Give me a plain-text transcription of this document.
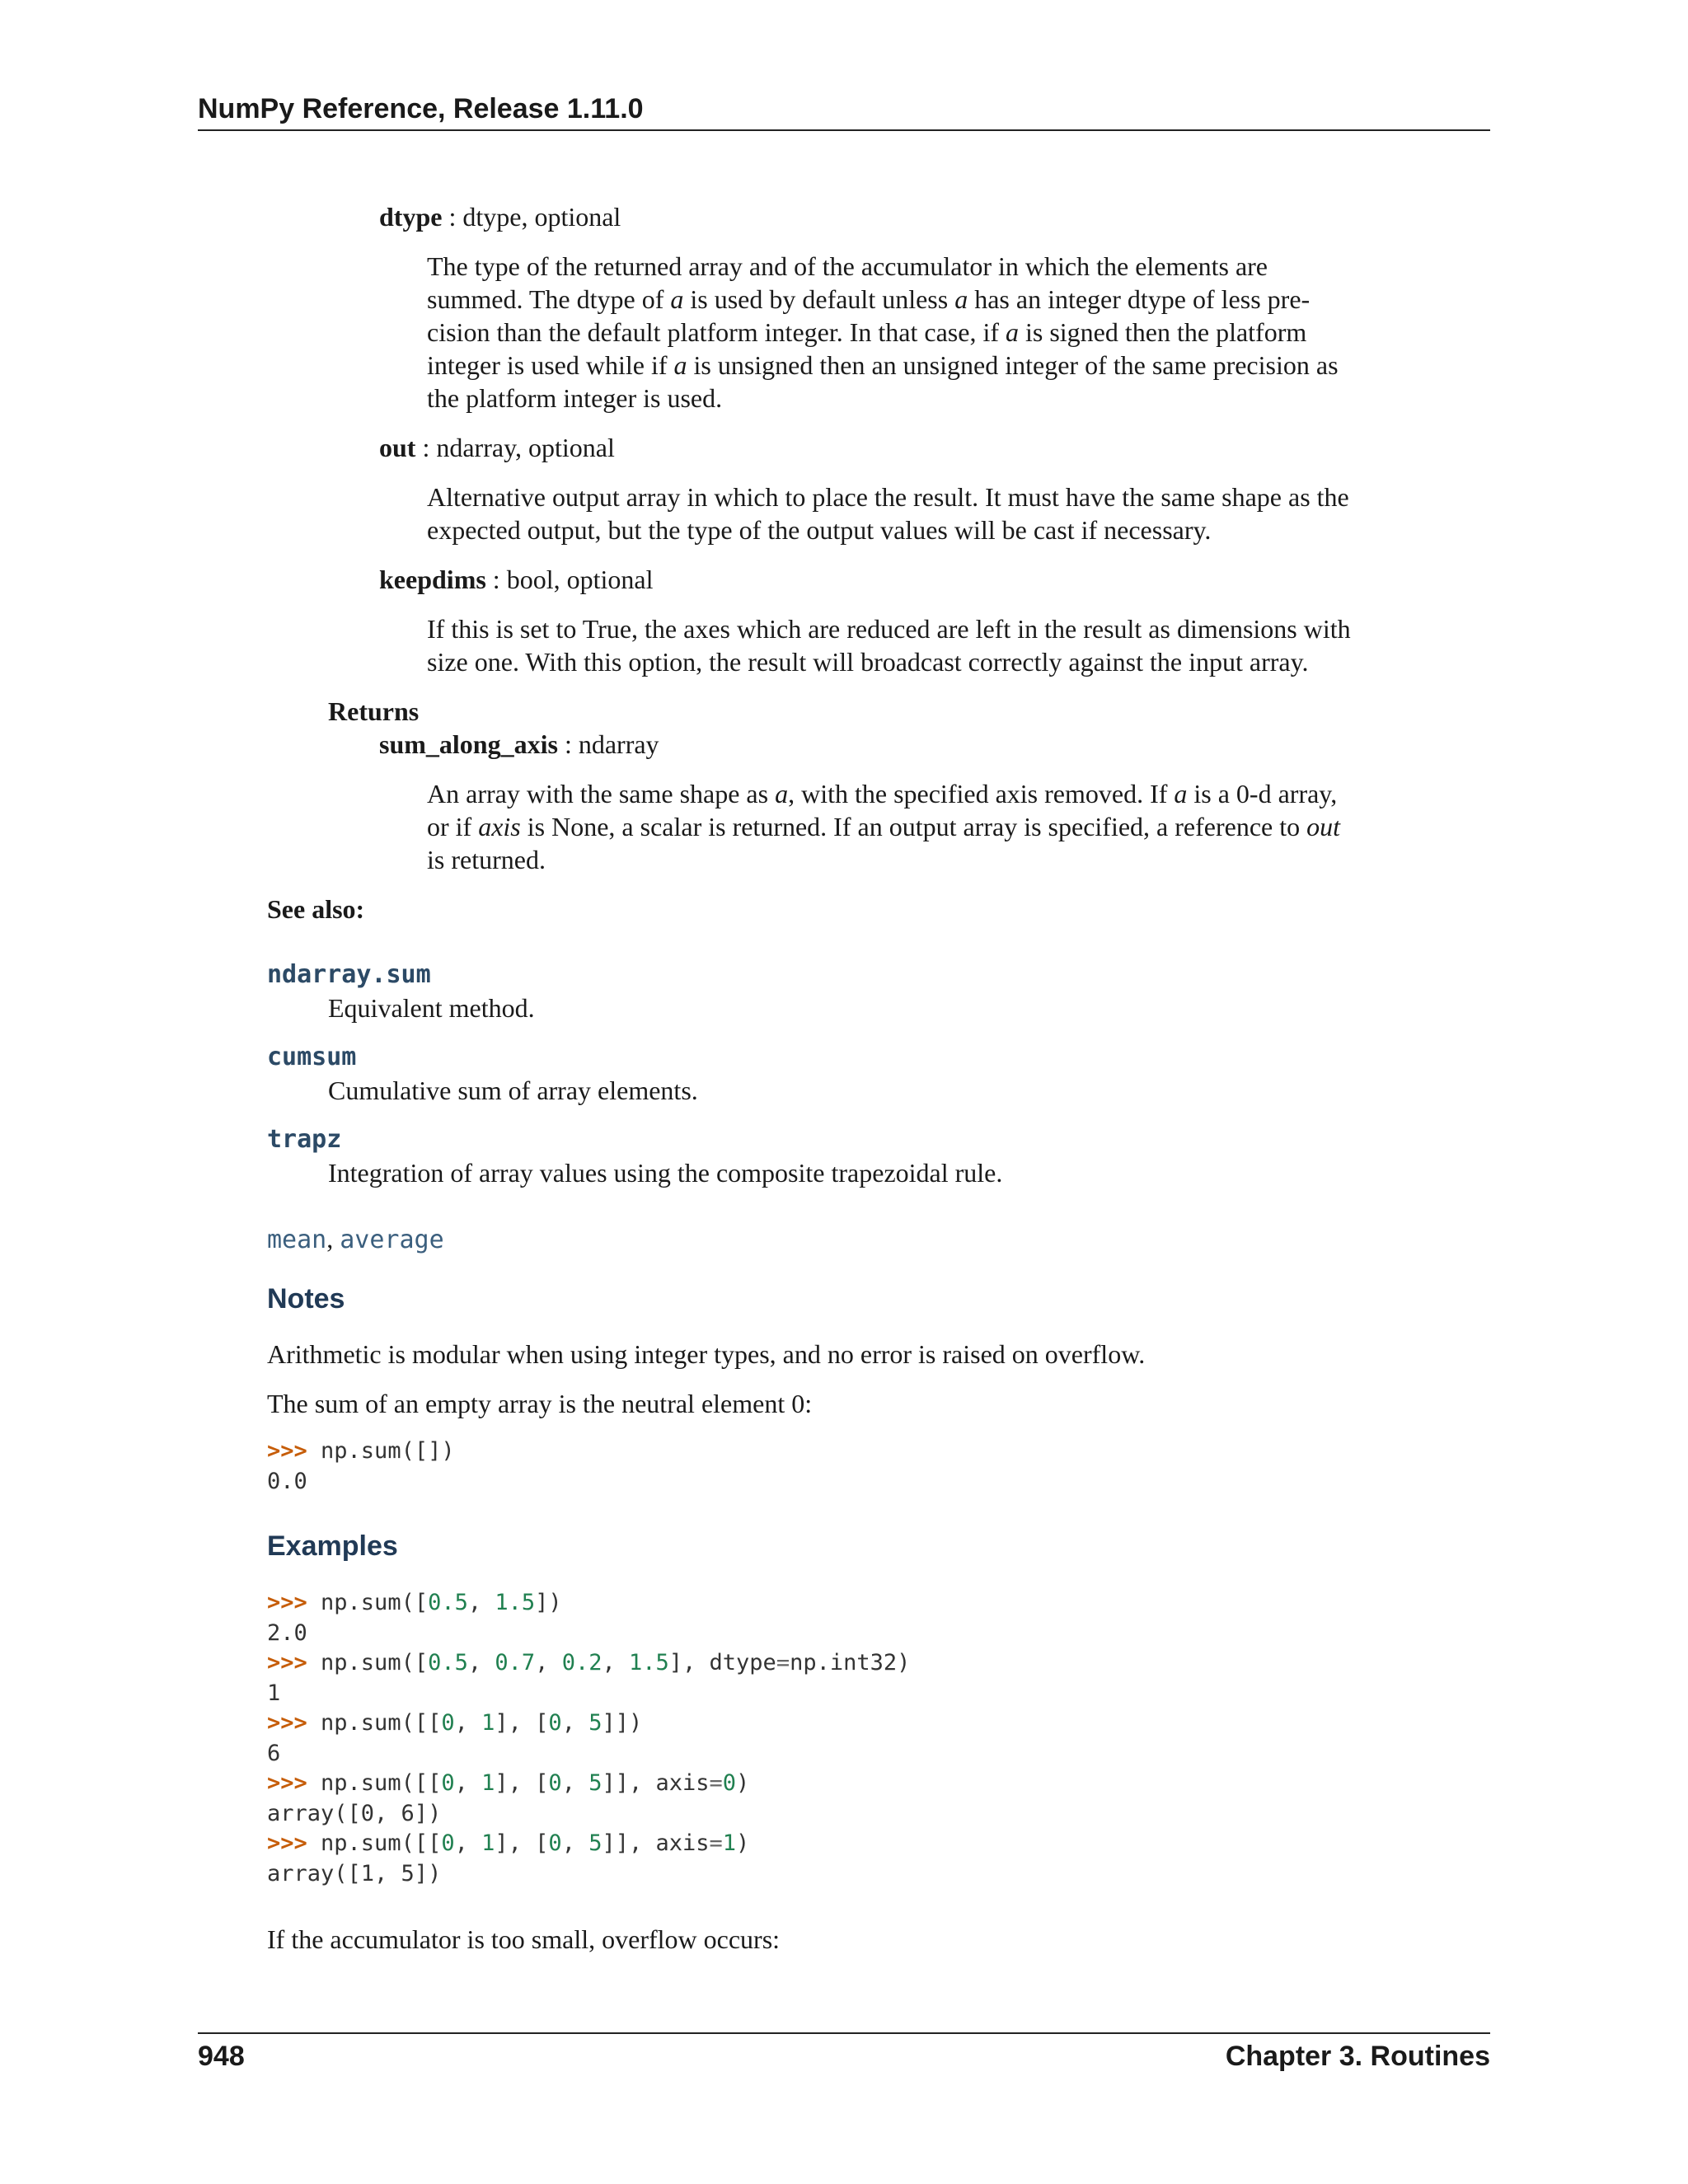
NumPy Reference, Release 1.11.0
dtype : dtype, optional
The type of the returned array and of the accumulator in which the elements are
summed. The dtype of a is used by default unless a has an integer dtype of less pre-
cision than the default platform integer. In that case, if a is signed then the platform
integer is used while if a is unsigned then an unsigned integer of the same precision as
the platform integer is used.
out : ndarray, optional
Alternative output array in which to place the result. It must have the same shape as the
expected output, but the type of the output values will be cast if necessary.
keepdims : bool, optional
If this is set to True, the axes which are reduced are left in the result as dimensions with
size one. With this option, the result will broadcast correctly against the input array.
Returns
sum_along_axis : ndarray
An array with the same shape as a, with the specified axis removed. If a is a 0-d array,
or if axis is None, a scalar is returned. If an output array is specified, a reference to out
is returned.
See also:
ndarray.sum
Equivalent method.
cumsum
Cumulative sum of array elements.
trapz
Integration of array values using the composite trapezoidal rule.
mean, average
Notes
Arithmetic is modular when using integer types, and no error is raised on overflow.
The sum of an empty array is the neutral element 0:
>>> np.sum([])
0.0
Examples
>>> np.sum([0.5, 1.5])
2.0
>>> np.sum([0.5, 0.7, 0.2, 1.5], dtype=np.int32)
1
>>> np.sum([[0, 1], [0, 5]])
6
>>> np.sum([[0, 1], [0, 5]], axis=0)
array([0, 6])
>>> np.sum([[0, 1], [0, 5]], axis=1)
array([1, 5])
If the accumulator is too small, overflow occurs:
948	Chapter 3. Routines
